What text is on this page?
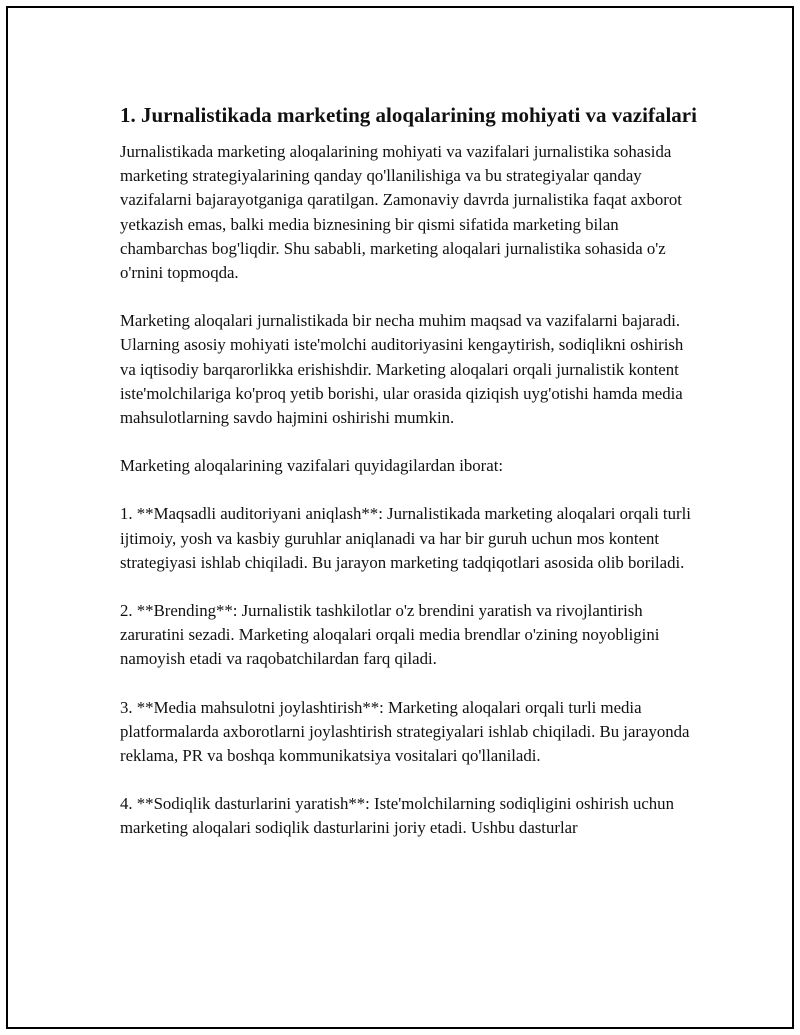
1. Jurnalistikada marketing aloqalarining mohiyati va vazifalari

Jurnalistikada marketing aloqalarining mohiyati va vazifalari jurnalistika sohasida marketing strategiyalarining qanday qo'llanilishiga va bu strategiyalar qanday vazifalarni bajarayotganiga qaratilgan. Zamonaviy davrda jurnalistika faqat axborot yetkazish emas, balki media biznesining bir qismi sifatida marketing bilan chambarchas bog'liqdir. Shu sababli, marketing aloqalari jurnalistika sohasida o'z o'rnini topmoqda.

Marketing aloqalari jurnalistikada bir necha muhim maqsad va vazifalarni bajaradi. Ularning asosiy mohiyati iste'molchi auditoriyasini kengaytirish, sodiqlikni oshirish va iqtisodiy barqarorlikka erishishdir. Marketing aloqalari orqali jurnalistik kontent iste'molchilariga ko'proq yetib borishi, ular orasida qiziqish uyg'otishi hamda media mahsulotlarning savdo hajmini oshirishi mumkin.

Marketing aloqalarining vazifalari quyidagilardan iborat:

1. **Maqsadli auditoriyani aniqlash**: Jurnalistikada marketing aloqalari orqali turli ijtimoiy, yosh va kasbiy guruhlar aniqlanadi va har bir guruh uchun mos kontent strategiyasi ishlab chiqiladi. Bu jarayon marketing tadqiqotlari asosida olib boriladi.

2. **Brending**: Jurnalistik tashkilotlar o'z brendini yaratish va rivojlantirish zaruratini sezadi. Marketing aloqalari orqali media brendlar o'zining noyobligini namoyish etadi va raqobatchilardan farq qiladi.

3. **Media mahsulotni joylashtirish**: Marketing aloqalari orqali turli media platformalarda axborotlarni joylashtirish strategiyalari ishlab chiqiladi. Bu jarayonda reklama, PR va boshqa kommunikatsiya vositalari qo'llaniladi.

4. **Sodiqlik dasturlarini yaratish**: Iste'molchilarning sodiqligini oshirish uchun marketing aloqalari sodiqlik dasturlarini joriy etadi. Ushbu dasturlar
